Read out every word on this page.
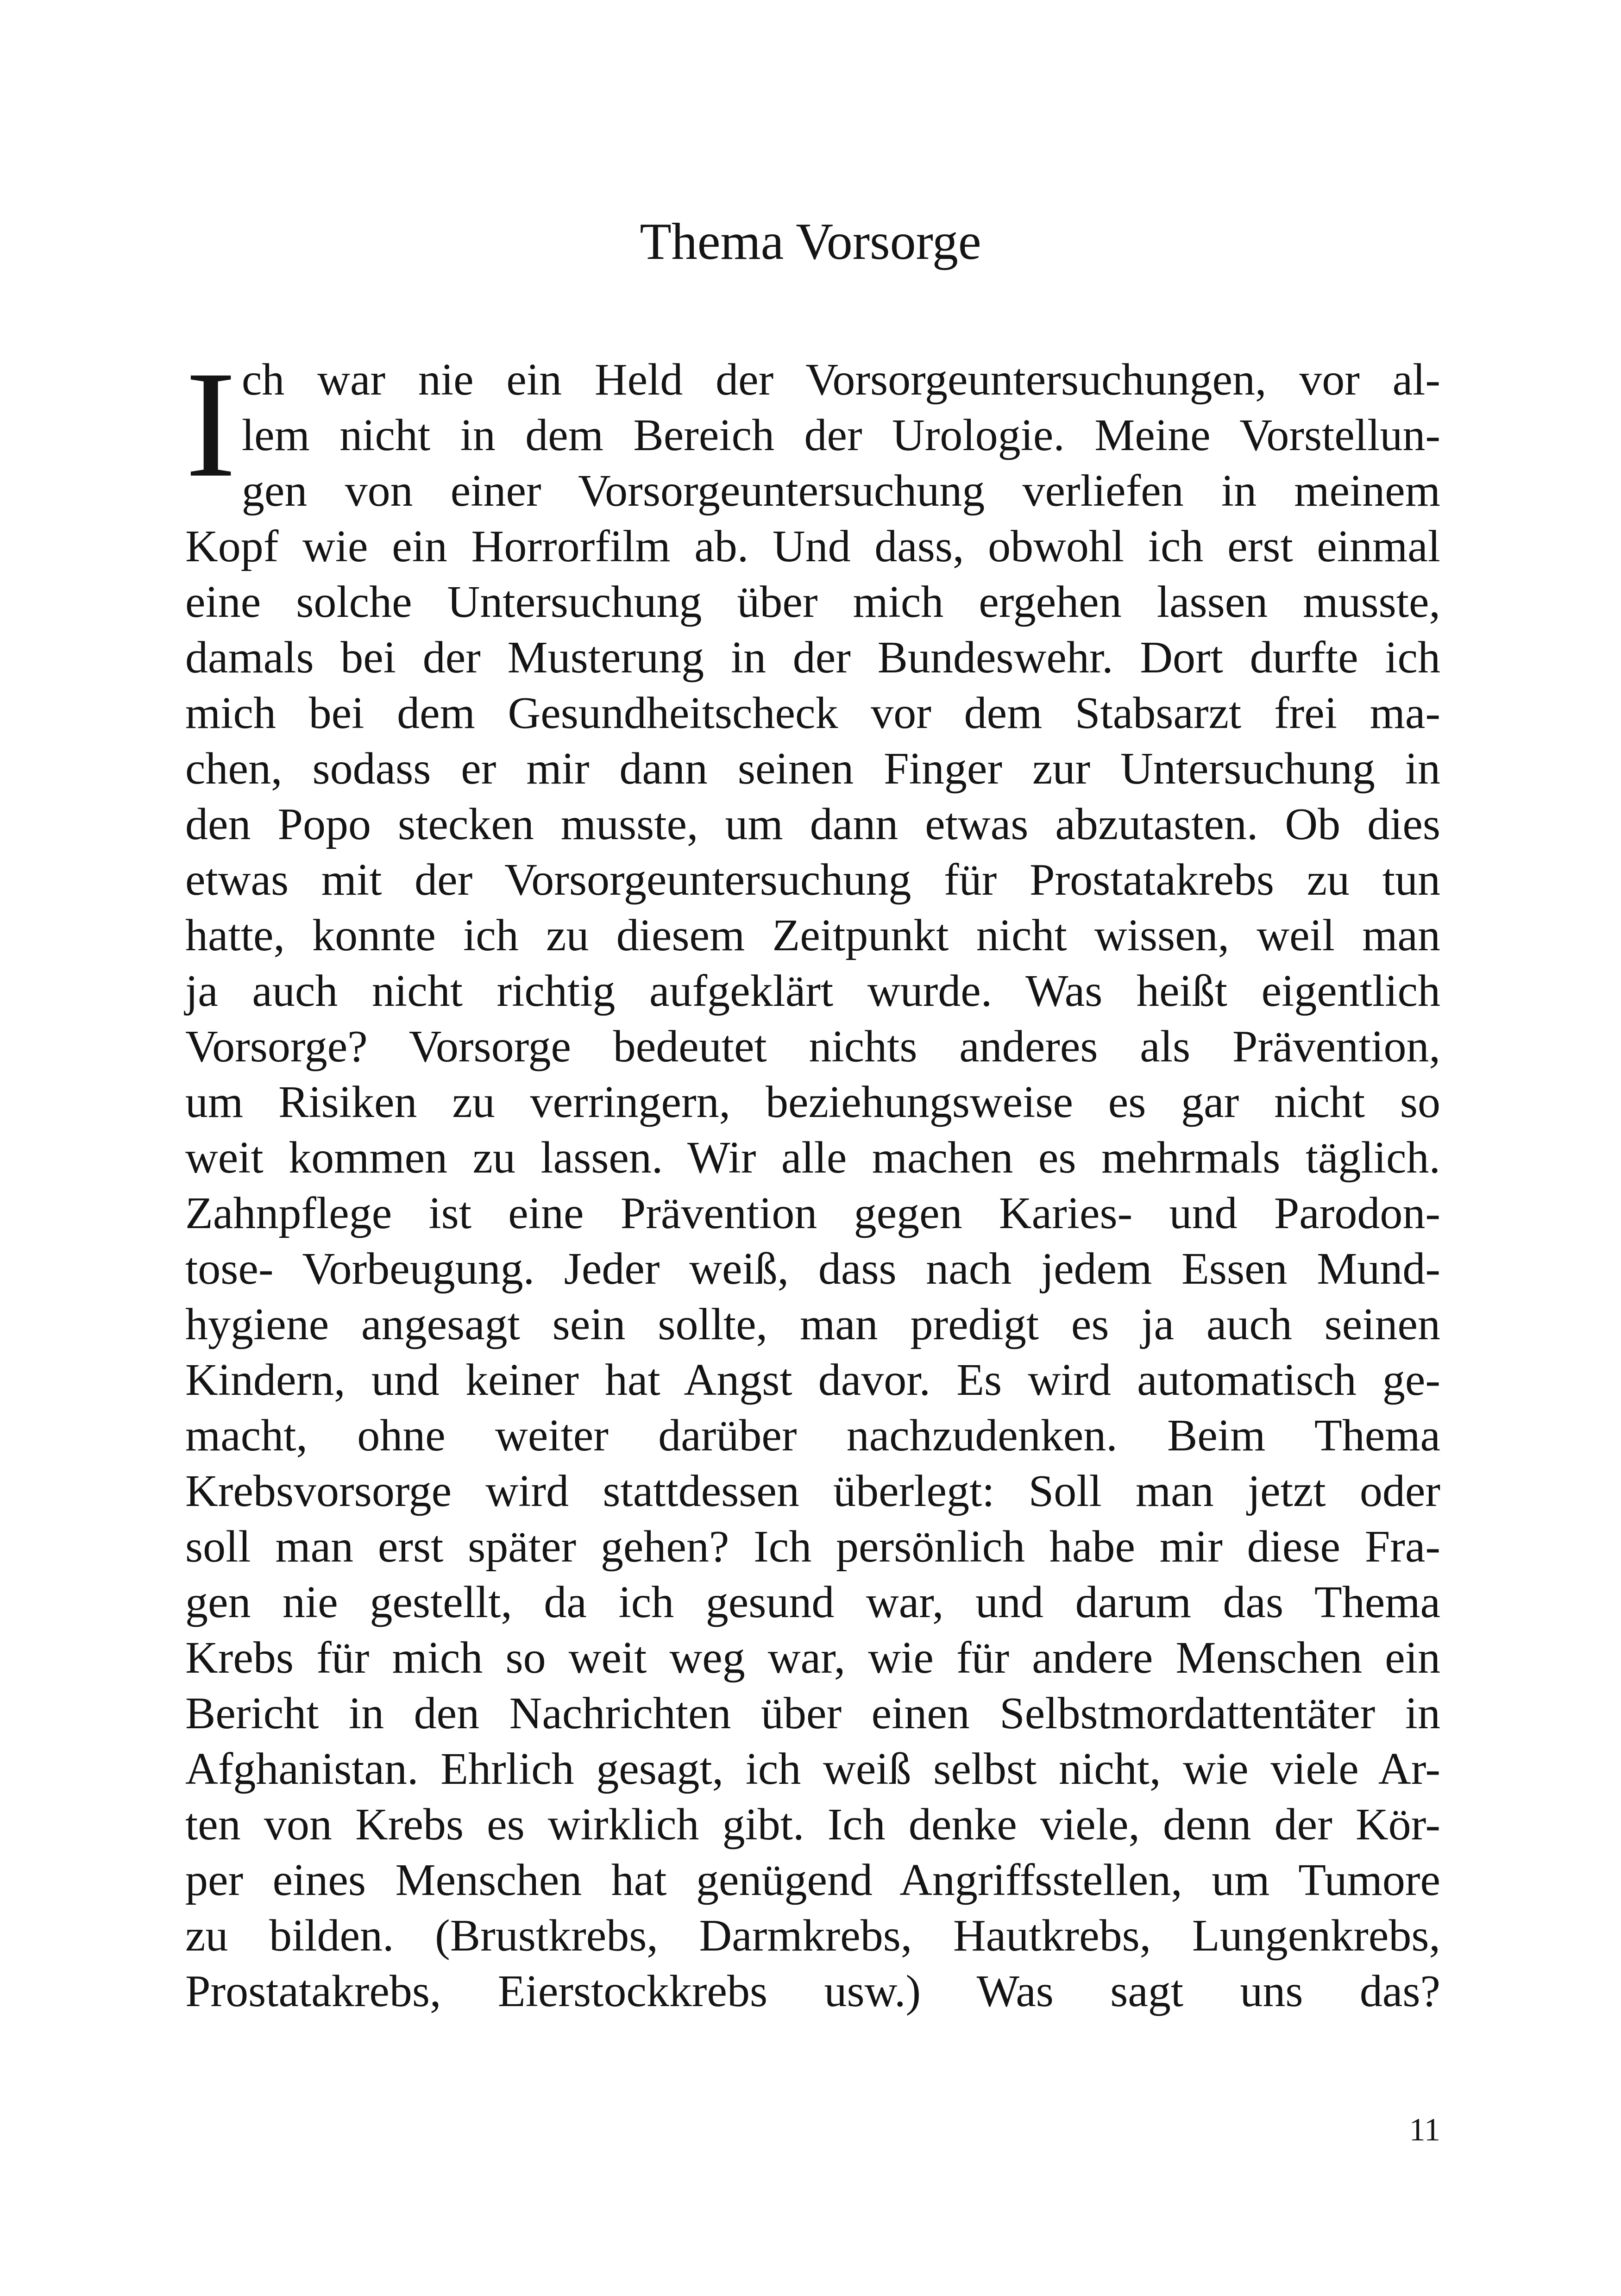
Thema Vorsorge
I ch war nie ein Held der Vorsorgeuntersuchungen, vor al-
lem nicht in dem Bereich der Urologie. Meine Vorstellun-
gen von einer Vorsorgeuntersuchung verliefen in meinem
Kopf wie ein Horrorfilm ab. Und dass, obwohl ich erst einmal
eine solche Untersuchung über mich ergehen lassen musste,
damals bei der Musterung in der Bundeswehr. Dort durfte ich
mich bei dem Gesundheitscheck vor dem Stabsarzt frei ma-
chen, sodass er mir dann seinen Finger zur Untersuchung in
den Popo stecken musste, um dann etwas abzutasten. Ob dies
etwas mit der Vorsorgeuntersuchung für Prostatakrebs zu tun
hatte, konnte ich zu diesem Zeitpunkt nicht wissen, weil man
ja auch nicht richtig aufgeklärt wurde. Was heißt eigentlich
Vorsorge? Vorsorge bedeutet nichts anderes als Prävention,
um Risiken zu verringern, beziehungsweise es gar nicht so
weit kommen zu lassen. Wir alle machen es mehrmals täglich.
Zahnpflege ist eine Prävention gegen Karies- und Parodon-
tose- Vorbeugung. Jeder weiß, dass nach jedem Essen Mund-
hygiene angesagt sein sollte, man predigt es ja auch seinen
Kindern, und keiner hat Angst davor. Es wird automatisch ge-
macht, ohne weiter darüber nachzudenken. Beim Thema
Krebsvorsorge wird stattdessen überlegt: Soll man jetzt oder
soll man erst später gehen? Ich persönlich habe mir diese Fra-
gen nie gestellt, da ich gesund war, und darum das Thema
Krebs für mich so weit weg war, wie für andere Menschen ein
Bericht in den Nachrichten über einen Selbstmordattentäter in
Afghanistan. Ehrlich gesagt, ich weiß selbst nicht, wie viele Ar-
ten von Krebs es wirklich gibt. Ich denke viele, denn der Kör-
per eines Menschen hat genügend Angriffsstellen, um Tumore
zu bilden. (Brustkrebs, Darmkrebs, Hautkrebs, Lungenkrebs,
Prostatakrebs, Eierstockkrebs usw.) Was sagt uns das?

11
